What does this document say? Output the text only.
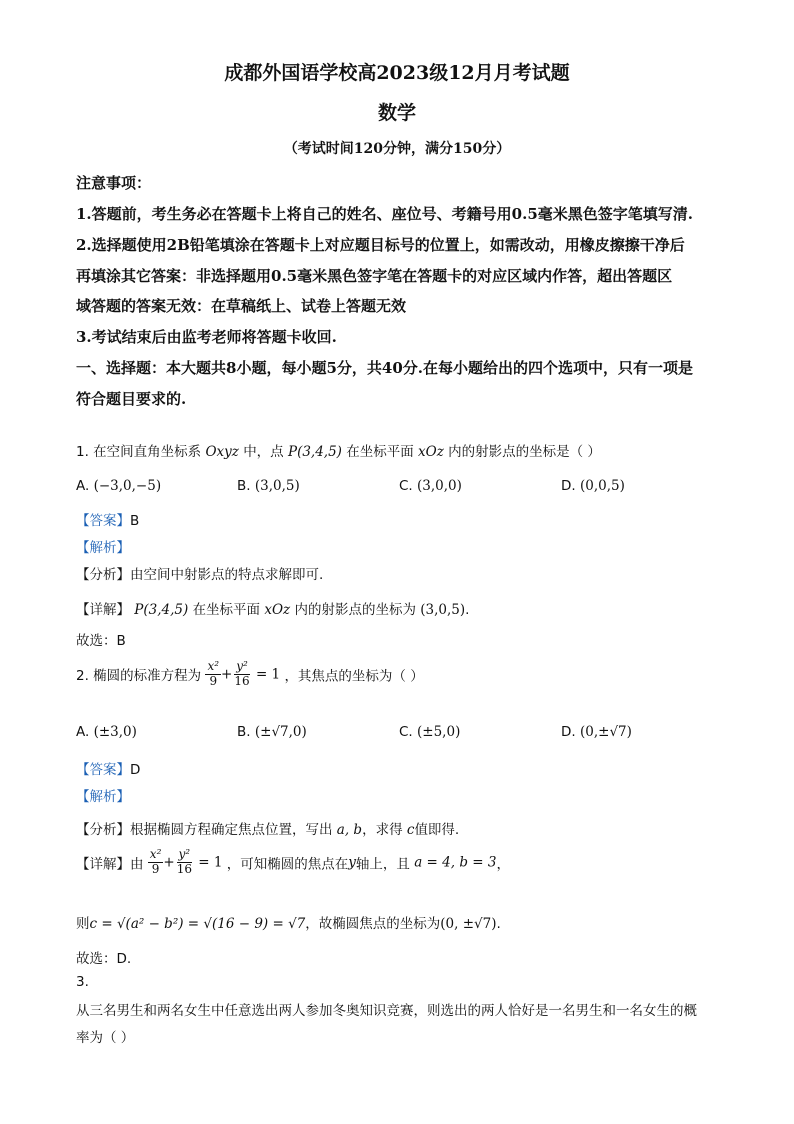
成都外国语学校高2023级12月月考试题
数学
（考试时间120分钟，满分150分）
注意事项：
1.答题前，考生务必在答题卡上将自己的姓名、座位号、考籍号用0.5毫米黑色签字笔填写清.
2.选择题使用2B铅笔填涂在答题卡上对应题目标号的位置上，如需改动，用橡皮擦擦干净后
再填涂其它答案：非选择题用0.5毫米黑色签字笔在答题卡的对应区域内作答，超出答题区
域答题的答案无效：在草稿纸上、试卷上答题无效
3.考试结束后由监考老师将答题卡收回.
一、选择题：本大题共8小题，每小题5分，共40分.在每小题给出的四个选项中，只有一项是
符合题目要求的.
1. 在空间直角坐标系 Oxyz 中，点 P(3,4,5) 在坐标平面 xOz 内的射影点的坐标是（ ）
A. (−3,0,−5)	B. (3,0,5)	C. (3,0,0)	D. (0,0,5)
【答案】B
【解析】
【分析】由空间中射影点的特点求解即可.
【详解】 P(3,4,5) 在坐标平面 xOz 内的射影点的坐标为 (3,0,5).
故选：B
2. 椭圆的标准方程为 $\frac{\text{x²}}{9} + \frac{\text{y²}}{16} = 1$ ，其焦点的坐标为（ ）
A. (±3,0)	B. (±√7,0)	C. (±5,0)	D. (0,±√7)
【答案】D
【解析】
【分析】根据椭圆方程确定焦点位置，写出 a, b，求得 c值即得.
【详解】由 $\frac{\text{x²}}{9} + \frac{\text{y²}}{16} = 1$ ，可知椭圆的焦点在y轴上，且 a = 4, b = 3，
则c = √(a² − b²) = √(16 − 9) = √7，故椭圆焦点的坐标为(0, ±√7).
故选：D.
3.
从三名男生和两名女生中任意选出两人参加冬奥知识竞赛，则选出的两人恰好是一名男生和一名女生的概
率为（ ）
